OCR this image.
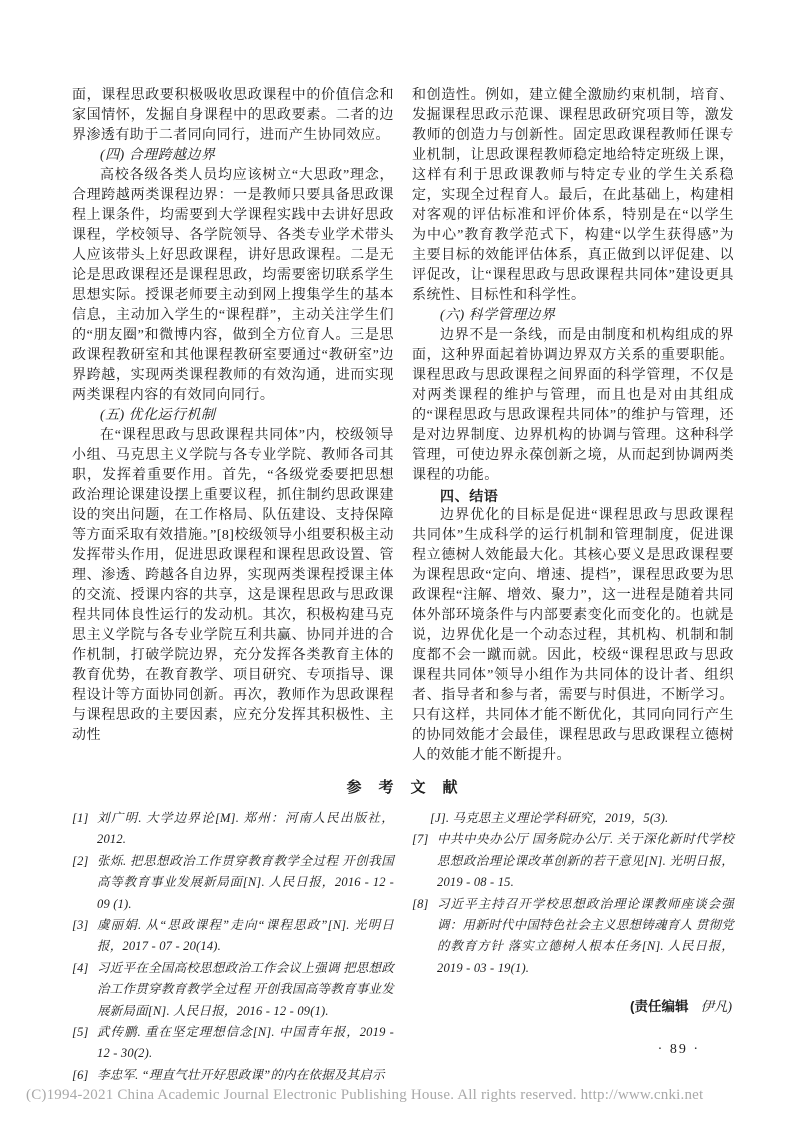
面，课程思政要积极吸收思政课程中的价值信念和家国情怀，发掘自身课程中的思政要素。二者的边界渗透有助于二者同向同行，进而产生协同效应。

(四) 合理跨越边界

高校各级各类人员均应该树立“大思政”理念，合理跨越两类课程边界：一是教师只要具备思政课程上课条件，均需要到大学课程实践中去讲好思政课程，学校领导、各学院领导、各类专业学术带头人应该带头上好思政课程，讲好思政课程。二是无论是思政课程还是课程思政，均需要密切联系学生思想实际。授课老师要主动到网上搜集学生的基本信息，主动加入学生的“课程群”，主动关注学生们的“朋友圈”和微博内容，做到全方位育人。三是思政课程教研室和其他课程教研室要通过“教研室”边界跨越，实现两类课程教师的有效沟通，进而实现两类课程内容的有效同向同行。

(五) 优化运行机制

在“课程思政与思政课程共同体”内，校级领导小组、马克思主义学院与各专业学院、教师各司其职，发挥着重要作用。首先，“各级党委要把思想政治理论课建设摆上重要议程，抓住制约思政课建设的突出问题，在工作格局、队伍建设、支持保障等方面采取有效措施。”[8]校级领导小组要积极主动发挥带头作用，促进思政课程和课程思政设置、管理、渗透、跨越各自边界，实现两类课程授课主体的交流、授课内容的共享，这是课程思政与思政课程共同体良性运行的发动机。其次，积极构建马克思主义学院与各专业学院互利共赢、协同并进的合作机制，打破学院边界，充分发挥各类教育主体的教育优势，在教育教学、项目研究、专项指导、课程设计等方面协同创新。再次，教师作为思政课程与课程思政的主要因素，应充分发挥其积极性、主动性

和创造性。例如，建立健全激励约束机制，培育、发掘课程思政示范课、课程思政研究项目等，激发教师的创造力与创新性。固定思政课程教师任课专业机制，让思政课程教师稳定地给特定班级上课，这样有利于思政课教师与特定专业的学生关系稳定，实现全过程育人。最后，在此基础上，构建相对客观的评估标准和评价体系，特别是在“以学生为中心”教育教学范式下，构建“以学生获得感”为主要目标的效能评估体系，真正做到以评促建、以评促改，让“课程思政与思政课程共同体”建设更具系统性、目标性和科学性。

(六) 科学管理边界

边界不是一条线，而是由制度和机构组成的界面，这种界面起着协调边界双方关系的重要职能。课程思政与思政课程之间界面的科学管理，不仅是对两类课程的维护与管理，而且也是对由其组成的“课程思政与思政课程共同体”的维护与管理，还是对边界制度、边界机构的协调与管理。这种科学管理，可使边界永葆创新之境，从而起到协调两类课程的功能。

四、结语

边界优化的目标是促进“课程思政与思政课程共同体”生成科学的运行机制和管理制度，促进课程立德树人效能最大化。其核心要义是思政课程要为课程思政“定向、增速、提档”，课程思政要为思政课程“注解、增效、聚力”，这一进程是随着共同体外部环境条件与内部要素变化而变化的。也就是说，边界优化是一个动态过程，其机构、机制和制度都不会一蹴而就。因此，校级“课程思政与思政课程共同体”领导小组作为共同体的设计者、组织者、指导者和参与者，需要与时俱进，不断学习。只有这样，共同体才能不断优化，其同向同行产生的协同效能才会最佳，课程思政与思政课程立德树人的效能才能不断提升。

参　考　文　献

[1] 刘广明. 大学边界论[M]. 郑州：河南人民出版社，2012.

[2] 张烁. 把思想政治工作贯穿教育教学全过程 开创我国高等教育事业发展新局面[N]. 人民日报，2016 - 12 - 09 (1).

[3] 虞丽娟. 从“思政课程”走向“课程思政”[N]. 光明日报，2017 - 07 - 20(14).

[4] 习近平在全国高校思想政治工作会议上强调 把思想政治工作贯穿教育教学全过程 开创我国高等教育事业发展新局面[N]. 人民日报，2016 - 12 - 09(1).

[5] 武传鹏. 重在坚定理想信念[N]. 中国青年报，2019 - 12 - 30(2).

[6] 李忠军. “理直气壮开好思政课”的内在依据及其启示

[J]. 马克思主义理论学科研究，2019，5(3).

[7] 中共中央办公厅 国务院办公厅. 关于深化新时代学校思想政治理论课改革创新的若干意见[N]. 光明日报，2019 - 08 - 15.

[8] 习近平主持召开学校思想政治理论课教师座谈会强调：用新时代中国特色社会主义思想铸魂育人 贯彻党的教育方针 落实立德树人根本任务[N]. 人民日报，2019 - 03 - 19(1).

(责任编辑 伊凡)

· 89 ·
(C)1994-2021 China Academic Journal Electronic Publishing House. All rights reserved. http://www.cnki.net
